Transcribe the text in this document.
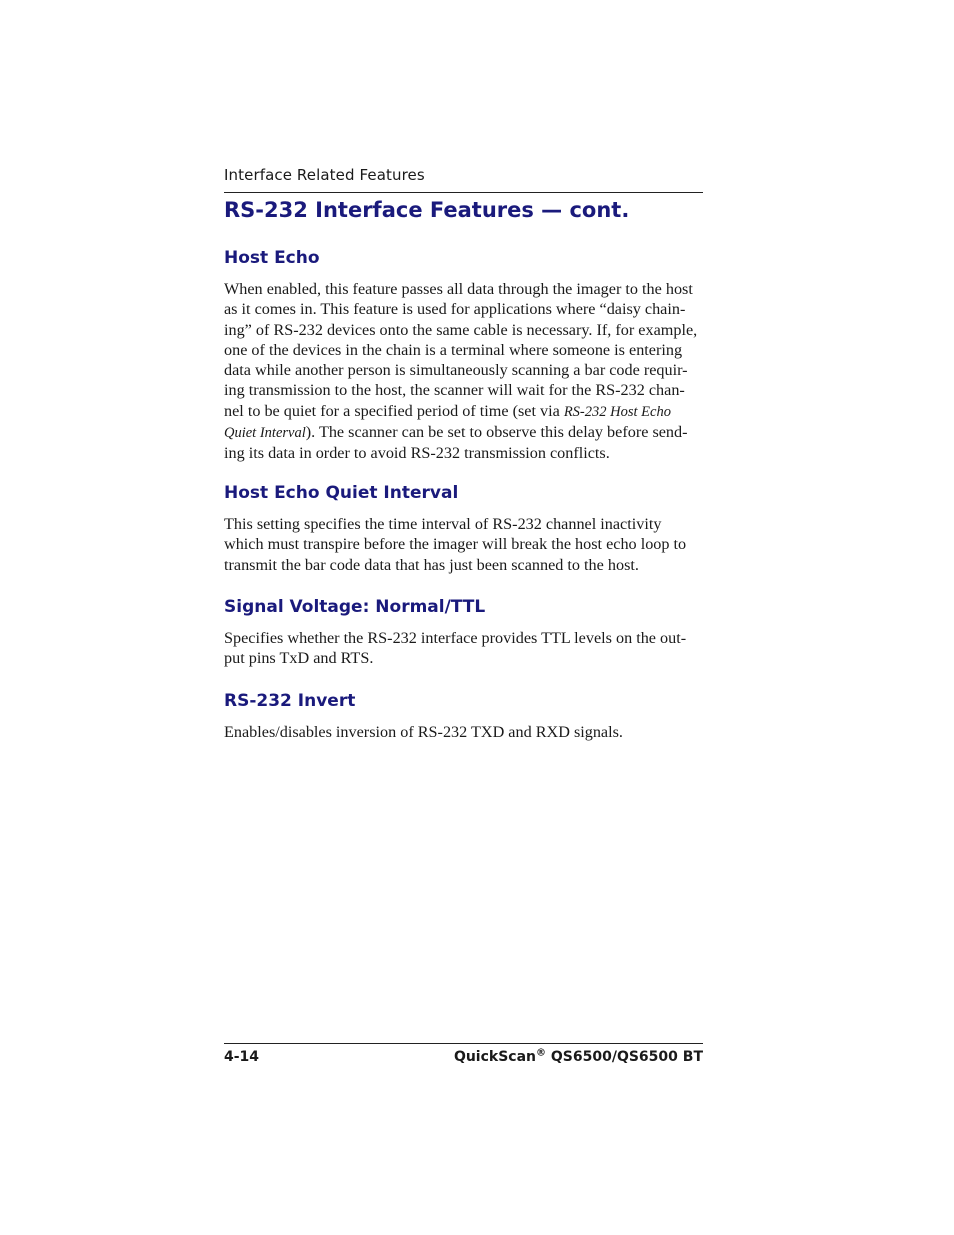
Interface Related Features
RS-232 Interface Features — cont.
Host Echo
When enabled, this feature passes all data through the imager to the host
as it comes in. This feature is used for applications where “daisy chain-
ing” of RS-232 devices onto the same cable is necessary. If, for example,
one of the devices in the chain is a terminal where someone is entering
data while another person is simultaneously scanning a bar code requir-
ing transmission to the host, the scanner will wait for the RS-232 chan-
nel to be quiet for a specified period of time (set via RS-232 Host Echo
Quiet Interval). The scanner can be set to observe this delay before send-
ing its data in order to avoid RS-232 transmission conflicts.
Host Echo Quiet Interval
This setting specifies the time interval of RS-232 channel inactivity
which must transpire before the imager will break the host echo loop to
transmit the bar code data that has just been scanned to the host.
Signal Voltage: Normal/TTL
Specifies whether the RS-232 interface provides TTL levels on the out-
put pins TxD and RTS.
RS-232 Invert
Enables/disables inversion of RS-232 TXD and RXD signals.
4-14	QuickScan® QS6500/QS6500 BT
